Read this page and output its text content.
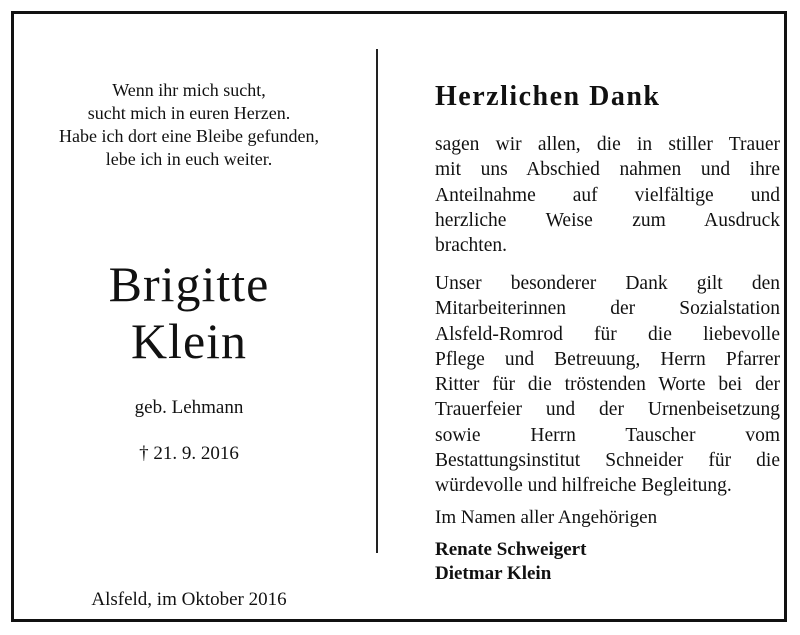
Wenn ihr mich sucht,
sucht mich in euren Herzen.
Habe ich dort eine Bleibe gefunden,
lebe ich in euch weiter.
Brigitte
Klein
geb. Lehmann
† 21. 9. 2016
Alsfeld, im Oktober 2016
Herzlichen Dank
sagen wir allen, die in stiller Trauer
mit uns Abschied nahmen und ihre
Anteilnahme auf vielfältige und
herzliche Weise zum Ausdruck
brachten.
Unser besonderer Dank gilt den
Mitarbeiterinnen der Sozialstation
Alsfeld-Romrod für die liebevolle
Pflege und Betreuung, Herrn Pfarrer
Ritter für die tröstenden Worte bei der
Trauerfeier und der Urnenbeisetzung
sowie Herrn Tauscher vom
Bestattungsinstitut Schneider für die
würdevolle und hilfreiche Begleitung.
Im Namen aller Angehörigen
Renate Schweigert
Dietmar Klein
